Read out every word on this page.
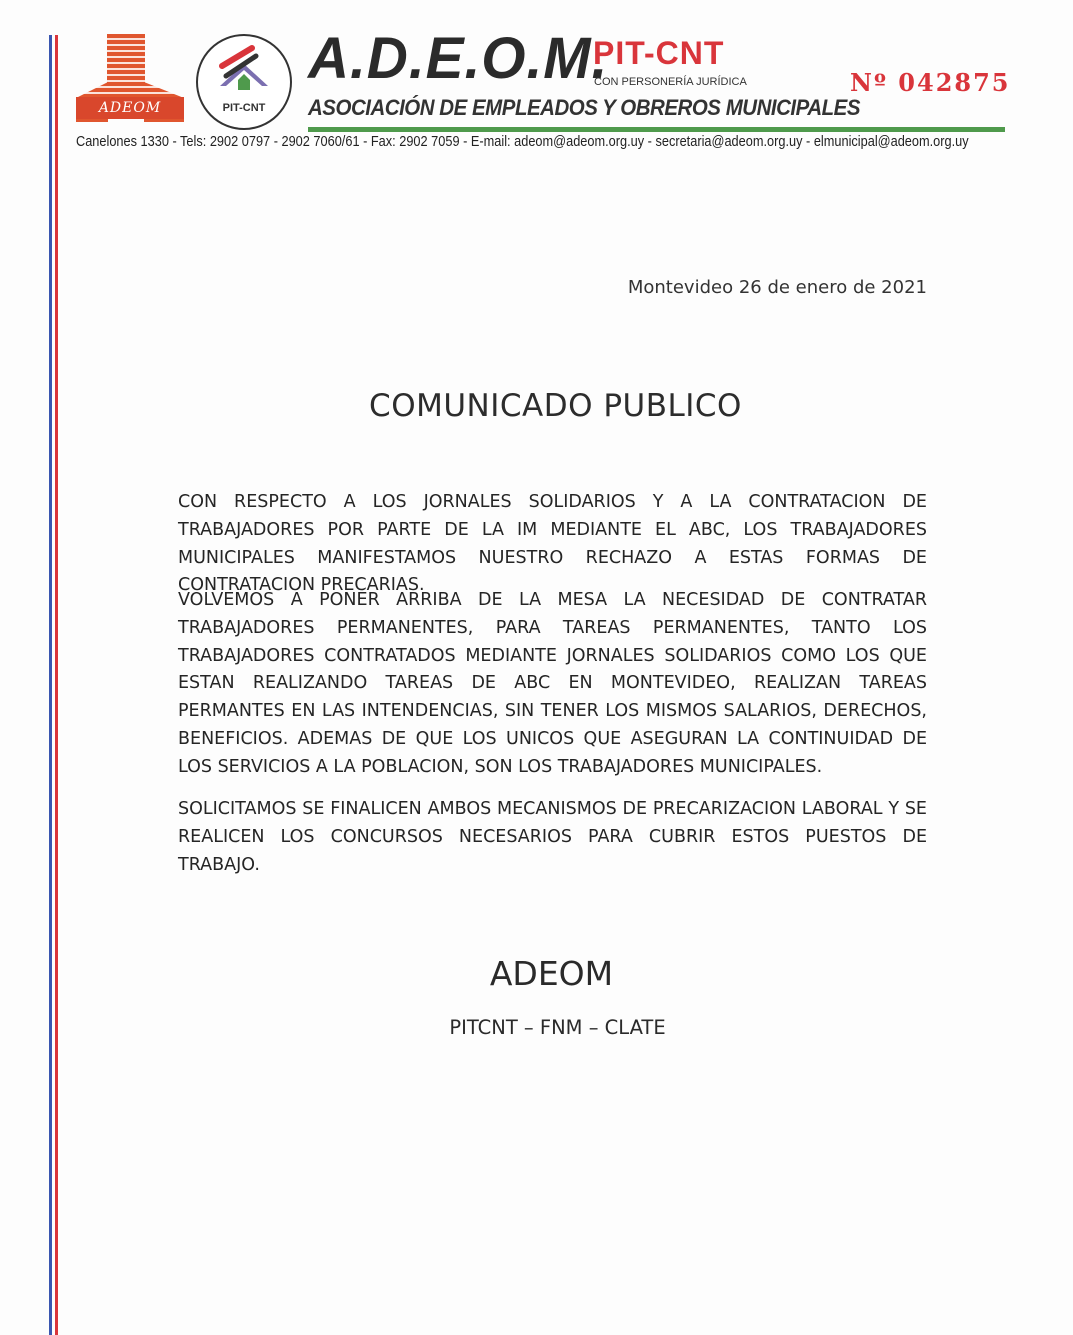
ADEOM	PIT-CNT
A.D.E.O.M.
PIT-CNT
CON PERSONERÍA JURÍDICA
ASOCIACIÓN DE EMPLEADOS Y OBREROS MUNICIPALES
Nº 042875
Canelones 1330 - Tels: 2902 0797 - 2902 7060/61 - Fax: 2902 7059 - E-mail: adeom@adeom.org.uy - secretaria@adeom.org.uy - elmunicipal@adeom.org.uy
Montevideo 26 de enero de 2021
COMUNICADO PUBLICO
CON RESPECTO A LOS JORNALES SOLIDARIOS Y A LA CONTRATACION DE TRABAJADORES POR PARTE DE LA IM MEDIANTE EL ABC, LOS TRABAJADORES MUNICIPALES MANIFESTAMOS NUESTRO RECHAZO A ESTAS FORMAS DE CONTRATACION PRECARIAS.
VOLVEMOS A PONER ARRIBA DE LA MESA LA NECESIDAD DE CONTRATAR TRABAJADORES PERMANENTES, PARA TAREAS PERMANENTES, TANTO LOS TRABAJADORES CONTRATADOS MEDIANTE JORNALES SOLIDARIOS COMO LOS QUE ESTAN REALIZANDO TAREAS DE ABC EN MONTEVIDEO, REALIZAN TAREAS PERMANTES EN LAS INTENDENCIAS, SIN TENER LOS MISMOS SALARIOS, DERECHOS, BENEFICIOS. ADEMAS DE QUE LOS UNICOS QUE ASEGURAN LA CONTINUIDAD DE LOS SERVICIOS A LA POBLACION, SON LOS TRABAJADORES MUNICIPALES.
SOLICITAMOS SE FINALICEN AMBOS MECANISMOS DE PRECARIZACION LABORAL Y SE REALICEN LOS CONCURSOS NECESARIOS PARA CUBRIR ESTOS PUESTOS DE TRABAJO.
ADEOM
PITCNT – FNM – CLATE
